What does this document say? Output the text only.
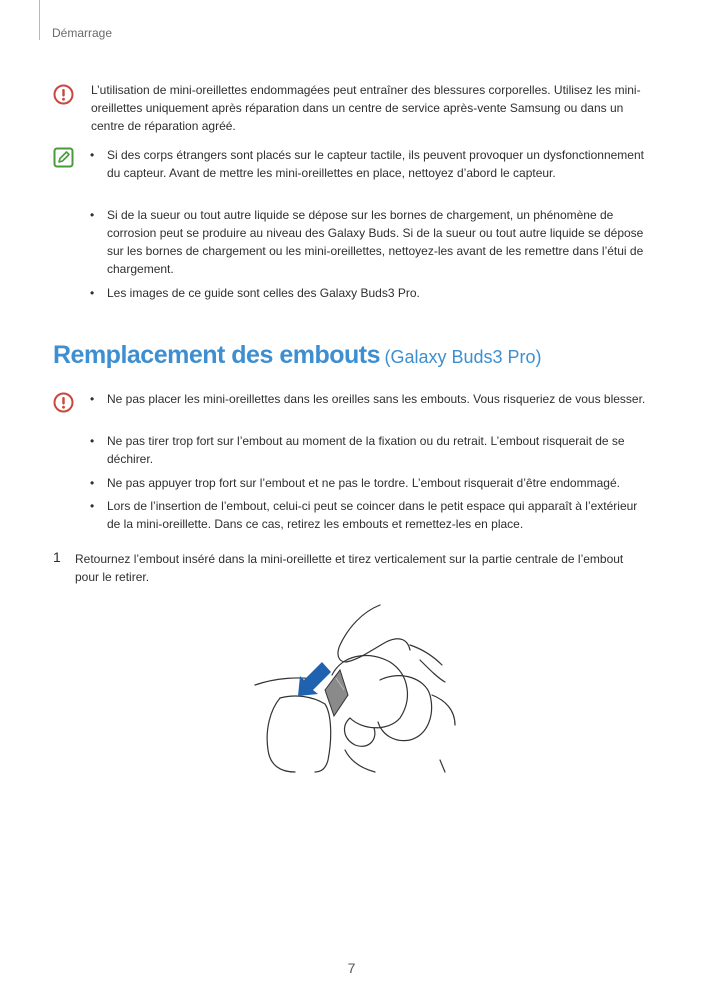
Démarrage
L’utilisation de mini-oreillettes endommagées peut entraîner des blessures corporelles. Utilisez les mini-oreillettes uniquement après réparation dans un centre de service après-vente Samsung ou dans un centre de réparation agréé.
• Si des corps étrangers sont placés sur le capteur tactile, ils peuvent provoquer un dysfonctionnement du capteur. Avant de mettre les mini-oreillettes en place, nettoyez d’abord le capteur.
• Si de la sueur ou tout autre liquide se dépose sur les bornes de chargement, un phénomène de corrosion peut se produire au niveau des Galaxy Buds. Si de la sueur ou tout autre liquide se dépose sur les bornes de chargement ou les mini-oreillettes, nettoyez-les avant de les remettre dans l’étui de chargement.
• Les images de ce guide sont celles des Galaxy Buds3 Pro.
Remplacement des embouts (Galaxy Buds3 Pro)
• Ne pas placer les mini-oreillettes dans les oreilles sans les embouts. Vous risqueriez de vous blesser.
• Ne pas tirer trop fort sur l’embout au moment de la fixation ou du retrait. L’embout risquerait de se déchirer.
• Ne pas appuyer trop fort sur l’embout et ne pas le tordre. L’embout risquerait d’être endommagé.
• Lors de l’insertion de l’embout, celui-ci peut se coincer dans le petit espace qui apparaît à l’extérieur de la mini-oreillette. Dans ce cas, retirez les embouts et remettez-les en place.
1 Retournez l’embout inséré dans la mini-oreillette et tirez verticalement sur la partie centrale de l’embout pour le retirer.
7
